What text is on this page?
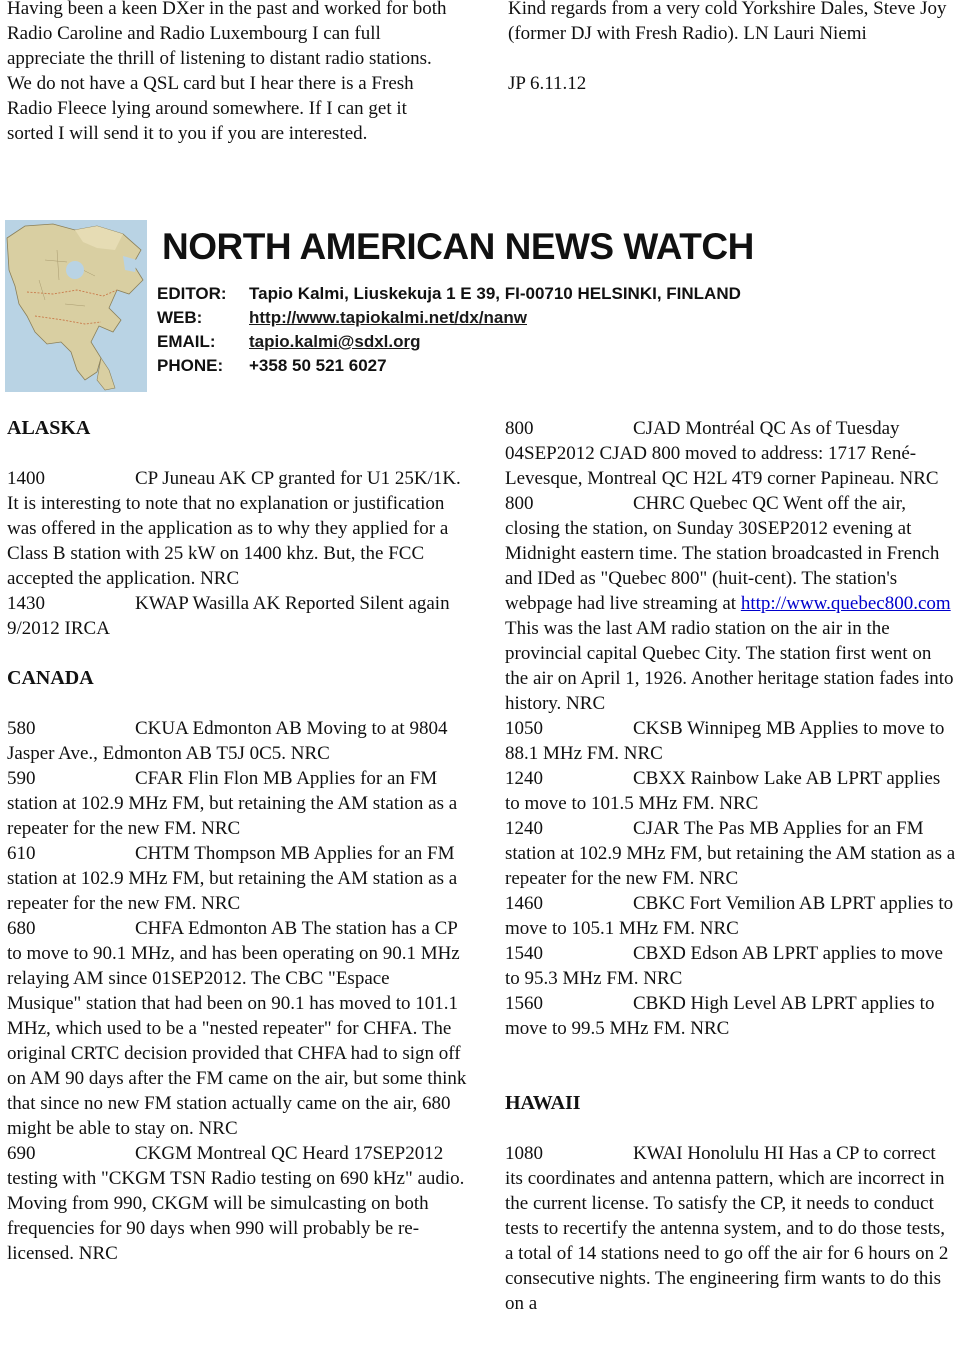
Having been a keen DXer in the past and worked for both Radio Caroline and Radio Luxembourg I can full appreciate the thrill of listening to distant radio stations.

We do not have a QSL card but I hear there is a Fresh Radio Fleece lying around somewhere. If I can get it sorted I will send it to you if you are interested.

Kind regards from a very cold Yorkshire Dales, Steve Joy (former DJ with Fresh Radio). LN Lauri Niemi

JP 6.11.12

NORTH AMERICAN NEWS WATCH
EDITOR: Tapio Kalmi, Liuskekuja 1 E 39, FI-00710 HELSINKI, FINLAND
WEB:	http://www.tapiokalmi.net/dx/nanw
EMAIL: tapio.kalmi@sdxl.org
PHONE: +358 50 521 6027

ALASKA

1400	CP Juneau AK CP granted for U1 25K/1K. It is interesting to note that no explanation or justification was offered in the application as to why they applied for a Class B station with 25 kW on 1400 khz. But, the FCC accepted the application. NRC

1430	KWAP Wasilla AK Reported Silent again 9/2012 IRCA

CANADA

580	CKUA Edmonton AB Moving to at 9804 Jasper Ave., Edmonton AB T5J 0C5. NRC

590	CFAR Flin Flon MB Applies for an FM station at 102.9 MHz FM, but retaining the AM station as a repeater for the new FM. NRC

610	CHTM Thompson MB Applies for an FM station at 102.9 MHz FM, but retaining the AM station as a repeater for the new FM. NRC

680	CHFA Edmonton AB The station has a CP to move to 90.1 MHz, and has been operating on 90.1 MHz relaying AM since 01SEP2012. The CBC "Espace Musique" station that had been on 90.1 has moved to 101.1 MHz, which used to be a "nested repeater" for CHFA. The original CRTC decision provided that CHFA had to sign off on AM 90 days after the FM came on the air, but some think that since no new FM station actually came on the air, 680 might be able to stay on. NRC

690	CKGM Montreal QC Heard 17SEP2012 testing with "CKGM TSN Radio testing on 690 kHz" audio. Moving from 990, CKGM will be simulcasting on both frequencies for 90 days when 990 will probably be re-licensed. NRC

800	CJAD Montréal QC As of Tuesday 04SEP2012 CJAD 800 moved to address: 1717 René-Levesque, Montreal QC H2L 4T9 corner Papineau. NRC

800	CHRC Quebec QC Went off the air, closing the station, on Sunday 30SEP2012 evening at Midnight eastern time. The station broadcasted in French and IDed as "Quebec 800" (huit-cent). The station's webpage had live streaming at http://www.quebec800.com This was the last AM radio station on the air in the provincial capital Quebec City. The station first went on the air on April 1, 1926. Another heritage station fades into history. NRC

1050	CKSB Winnipeg MB Applies to move to 88.1 MHz FM. NRC

1240	CBXX Rainbow Lake AB LPRT applies to move to 101.5 MHz FM. NRC

1240	CJAR The Pas MB Applies for an FM station at 102.9 MHz FM, but retaining the AM station as a repeater for the new FM. NRC

1460	CBKC Fort Vemilion AB LPRT applies to move to 105.1 MHz FM. NRC

1540	CBXD Edson AB LPRT applies to move to 95.3 MHz FM. NRC

1560	CBKD High Level AB LPRT applies to move to 99.5 MHz FM. NRC

HAWAII

1080	KWAI Honolulu HI Has a CP to correct its coordinates and antenna pattern, which are incorrect in the current license. To satisfy the CP, it needs to conduct tests to recertify the antenna system, and to do those tests, a total of 14 stations need to go off the air for 6 hours on 2 consecutive nights. The engineering firm wants to do this on a
